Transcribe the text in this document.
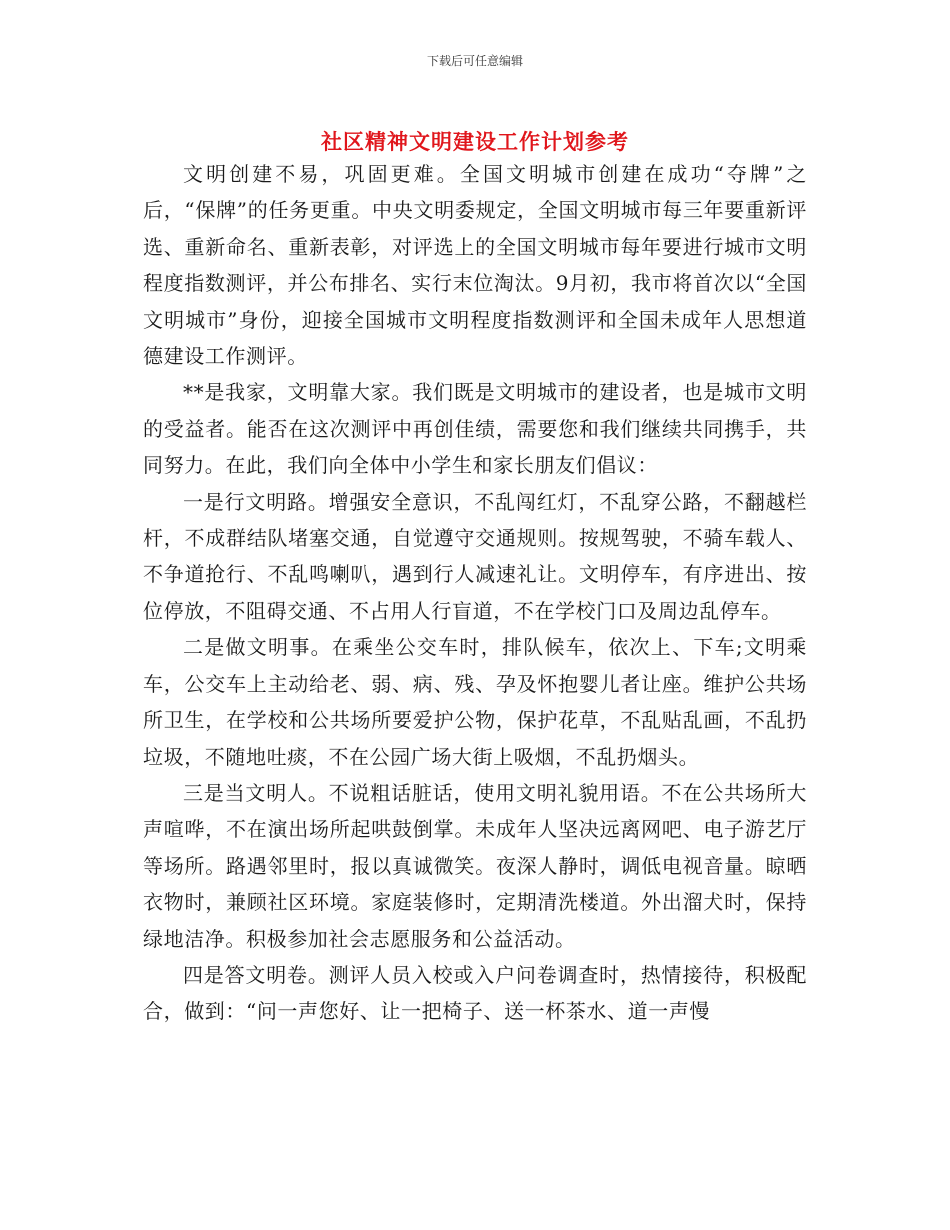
下载后可任意编辑
社区精神文明建设工作计划参考

文明创建不易，巩固更难。全国文明城市创建在成功“夺牌”之后，“保牌”的任务更重。中央文明委规定，全国文明城市每三年要重新评选、重新命名、重新表彰，对评选上的全国文明城市每年要进行城市文明程度指数测评，并公布排名、实行末位淘汰。9月初，我市将首次以“全国文明城市”身份，迎接全国城市文明程度指数测评和全国未成年人思想道德建设工作测评。

**是我家，文明靠大家。我们既是文明城市的建设者，也是城市文明的受益者。能否在这次测评中再创佳绩，需要您和我们继续共同携手，共同努力。在此，我们向全体中小学生和家长朋友们倡议：

一是行文明路。增强安全意识，不乱闯红灯，不乱穿公路，不翻越栏杆，不成群结队堵塞交通，自觉遵守交通规则。按规驾驶，不骑车载人、不争道抢行、不乱鸣喇叭，遇到行人减速礼让。文明停车，有序进出、按位停放，不阻碍交通、不占用人行盲道，不在学校门口及周边乱停车。

二是做文明事。在乘坐公交车时，排队候车，依次上、下车;文明乘车，公交车上主动给老、弱、病、残、孕及怀抱婴儿者让座。维护公共场所卫生，在学校和公共场所要爱护公物，保护花草，不乱贴乱画，不乱扔垃圾，不随地吐痰，不在公园广场大街上吸烟，不乱扔烟头。

三是当文明人。不说粗话脏话，使用文明礼貌用语。不在公共场所大声喧哗，不在演出场所起哄鼓倒掌。未成年人坚决远离网吧、电子游艺厅等场所。路遇邻里时，报以真诚微笑。夜深人静时，调低电视音量。晾晒衣物时，兼顾社区环境。家庭装修时，定期清洗楼道。外出溜犬时，保持绿地洁净。积极参加社会志愿服务和公益活动。

四是答文明卷。测评人员入校或入户问卷调查时，热情接待，积极配合，做到：“问一声您好、让一把椅子、送一杯茶水、道一声慢
